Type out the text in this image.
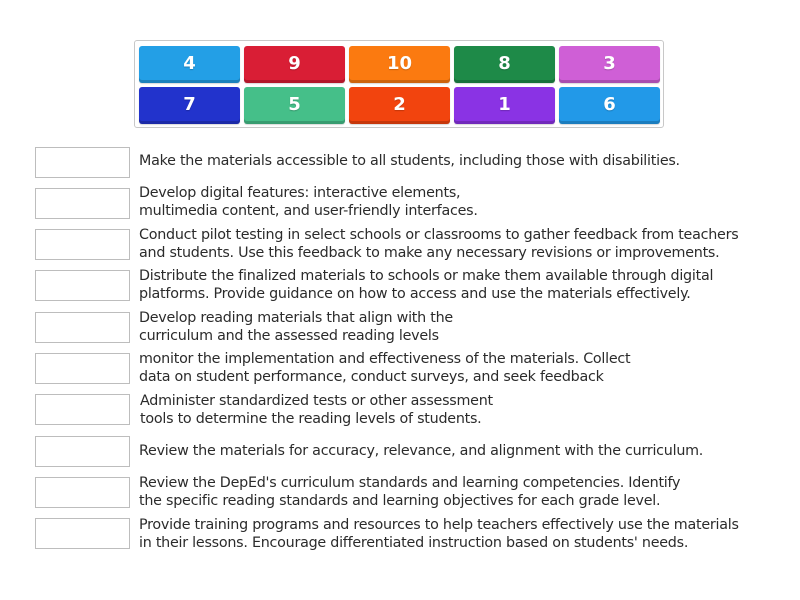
4	9	10	8	3
7	5	2	1	6
Make the materials accessible to all students, including those with disabilities.
Develop digital features: interactive elements,
multimedia content, and user-friendly interfaces.
Conduct pilot testing in select schools or classrooms to gather feedback from teachers
and students. Use this feedback to make any necessary revisions or improvements.
Distribute the finalized materials to schools or make them available through digital
platforms. Provide guidance on how to access and use the materials effectively.
Develop reading materials that align with the
curriculum and the assessed reading levels
monitor the implementation and effectiveness of the materials. Collect
data on student performance, conduct surveys, and seek feedback
Administer standardized tests or other assessment
tools to determine the reading levels of students.
Review the materials for accuracy, relevance, and alignment with the curriculum.
Review the DepEd's curriculum standards and learning competencies. Identify
the specific reading standards and learning objectives for each grade level.
Provide training programs and resources to help teachers effectively use the materials
in their lessons. Encourage differentiated instruction based on students' needs.
